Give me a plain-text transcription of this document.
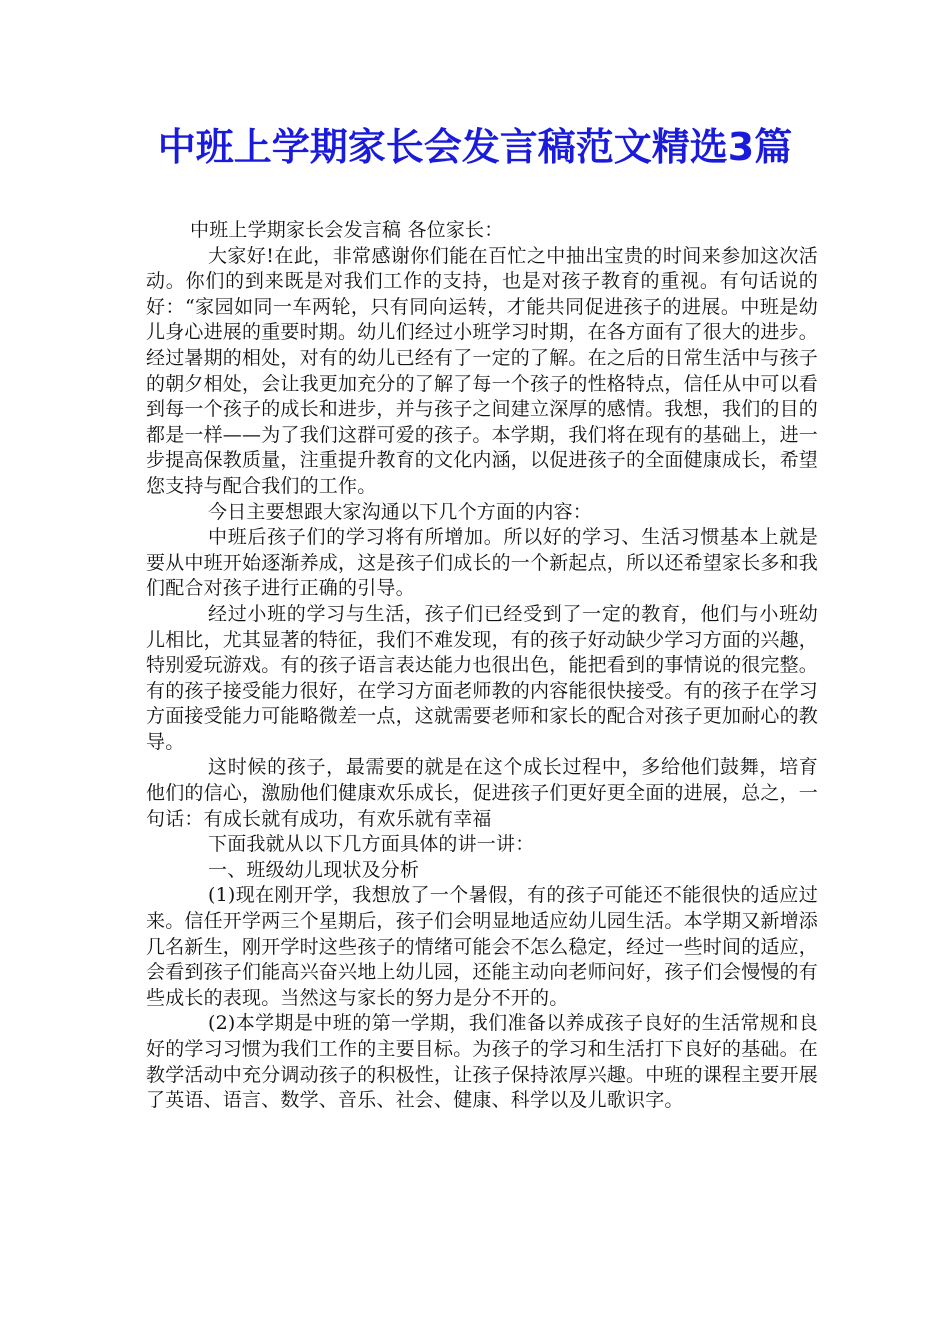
中班上学期家长会发言稿范文精选3篇

中班上学期家长会发言稿 各位家长：

大家好!在此，非常感谢你们能在百忙之中抽出宝贵的时间来参加这次活动。你们的到来既是对我们工作的支持，也是对孩子教育的重视。有句话说的好：“家园如同一车两轮，只有同向运转，才能共同促进孩子的进展。中班是幼儿身心进展的重要时期。幼儿们经过小班学习时期，在各方面有了很大的进步。经过暑期的相处，对有的幼儿已经有了一定的了解。在之后的日常生活中与孩子的朝夕相处，会让我更加充分的了解了每一个孩子的性格特点，信任从中可以看到每一个孩子的成长和进步，并与孩子之间建立深厚的感情。我想，我们的目的都是一样——为了我们这群可爱的孩子。本学期，我们将在现有的基础上，进一步提高保教质量，注重提升教育的文化内涵，以促进孩子的全面健康成长，希望您支持与配合我们的工作。

今日主要想跟大家沟通以下几个方面的内容：

中班后孩子们的学习将有所增加。所以好的学习、生活习惯基本上就是要从中班开始逐渐养成，这是孩子们成长的一个新起点，所以还希望家长多和我们配合对孩子进行正确的引导。

经过小班的学习与生活，孩子们已经受到了一定的教育，他们与小班幼儿相比，尤其显著的特征，我们不难发现，有的孩子好动缺少学习方面的兴趣，特别爱玩游戏。有的孩子语言表达能力也很出色，能把看到的事情说的很完整。有的孩子接受能力很好，在学习方面老师教的内容能很快接受。有的孩子在学习方面接受能力可能略微差一点，这就需要老师和家长的配合对孩子更加耐心的教导。

这时候的孩子，最需要的就是在这个成长过程中，多给他们鼓舞，培育他们的信心，激励他们健康欢乐成长，促进孩子们更好更全面的进展，总之，一句话：有成长就有成功，有欢乐就有幸福

下面我就从以下几方面具体的讲一讲：

一、班级幼儿现状及分析

(1)现在刚开学，我想放了一个暑假，有的孩子可能还不能很快的适应过来。信任开学两三个星期后，孩子们会明显地适应幼儿园生活。本学期又新增添几名新生，刚开学时这些孩子的情绪可能会不怎么稳定，经过一些时间的适应，会看到孩子们能高兴奋兴地上幼儿园，还能主动向老师问好，孩子们会慢慢的有些成长的表现。当然这与家长的努力是分不开的。

(2)本学期是中班的第一学期，我们准备以养成孩子良好的生活常规和良好的学习习惯为我们工作的主要目标。为孩子的学习和生活打下良好的基础。在教学活动中充分调动孩子的积极性，让孩子保持浓厚兴趣。中班的课程主要开展了英语、语言、数学、音乐、社会、健康、科学以及儿歌识字。
